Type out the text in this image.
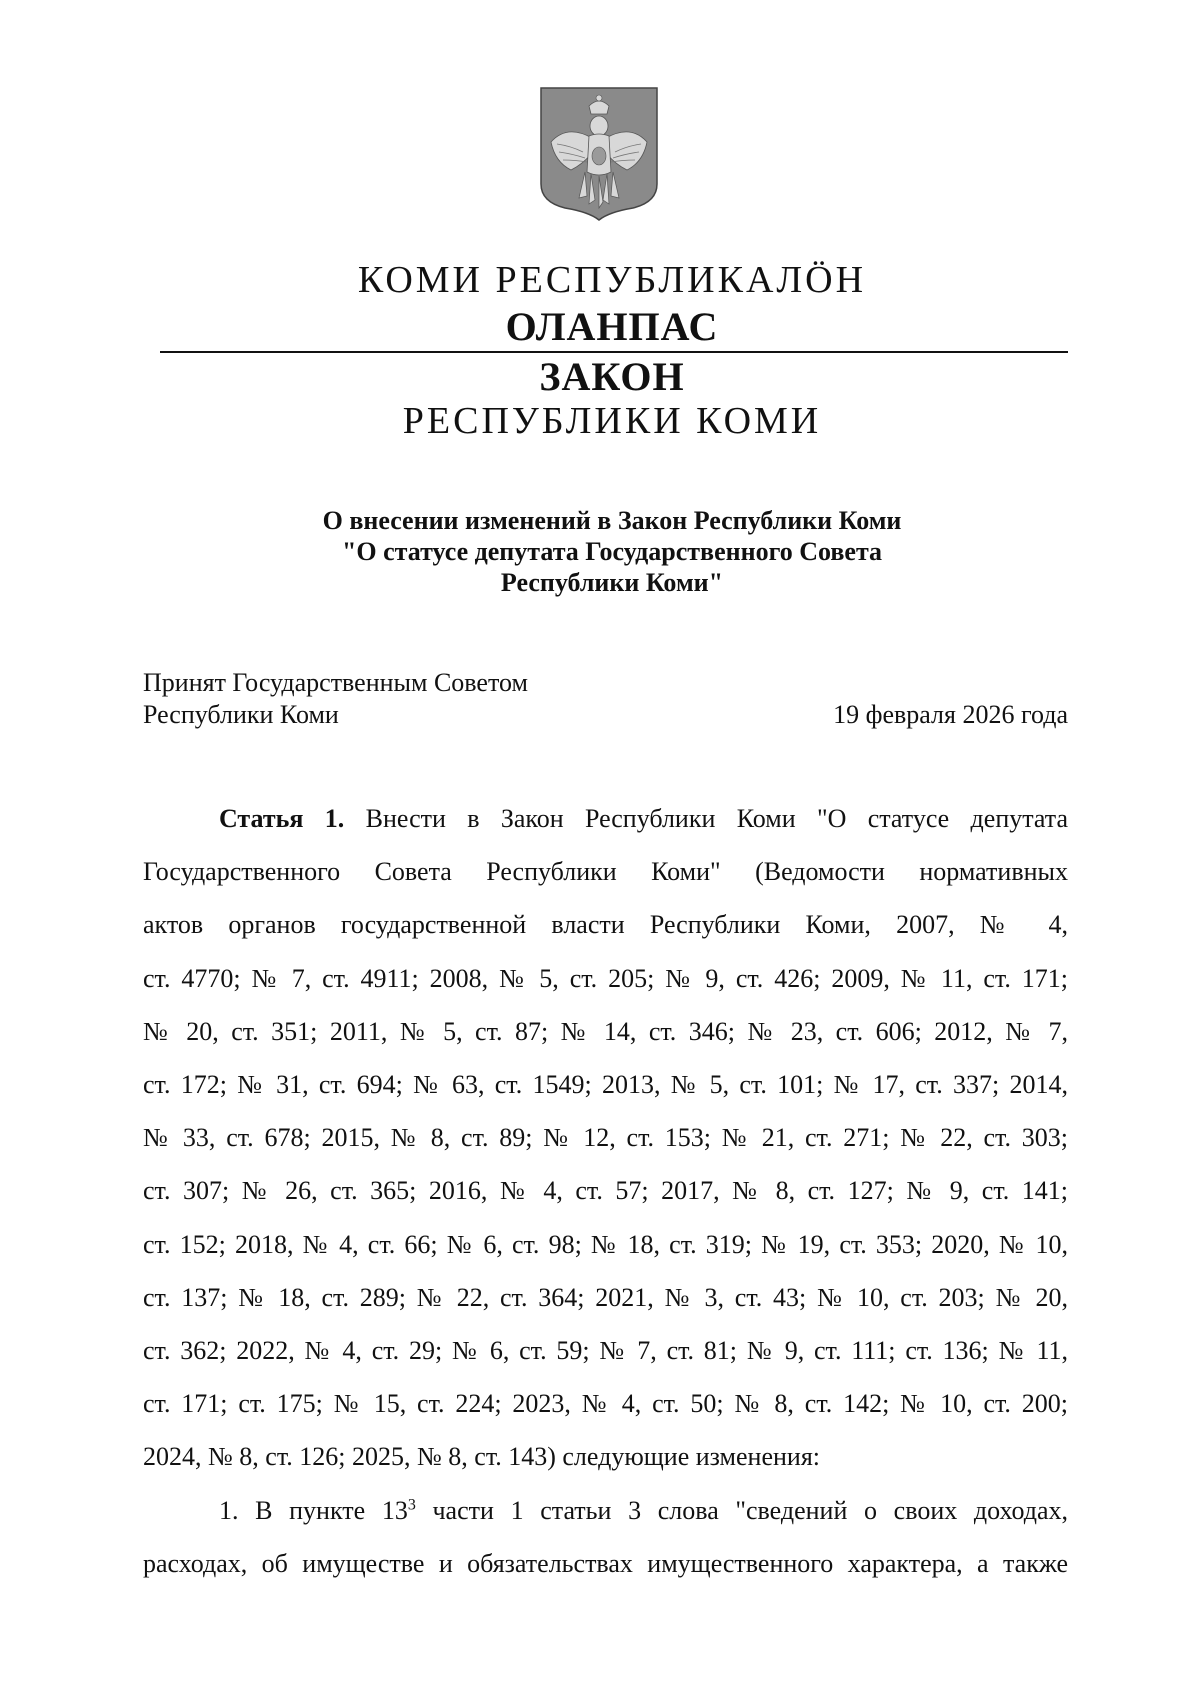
КОМИ РЕСПУБЛИКАЛÖН
ОЛАНПАС
ЗАКОН
РЕСПУБЛИКИ КОМИ
О внесении изменений в Закон Республики Коми
"О статусе депутата Государственного Совета
Республики Коми"
Принят Государственным Советом
Республики Коми	19 февраля 2026 года
Статья 1. Внести в Закон Республики Коми "О статусе депутата
Государственного Совета Республики Коми" (Ведомости нормативных
актов органов государственной власти Республики Коми, 2007, № 4,
ст. 4770; № 7, ст. 4911; 2008, № 5, ст. 205; № 9, ст. 426; 2009, № 11, ст. 171;
№ 20, ст. 351; 2011, № 5, ст. 87; № 14, ст. 346; № 23, ст. 606; 2012, № 7,
ст. 172; № 31, ст. 694; № 63, ст. 1549; 2013, № 5, ст. 101; № 17, ст. 337; 2014,
№ 33, ст. 678; 2015, № 8, ст. 89; № 12, ст. 153; № 21, ст. 271; № 22, ст. 303;
ст. 307; № 26, ст. 365; 2016, № 4, ст. 57; 2017, № 8, ст. 127; № 9, ст. 141;
ст. 152; 2018, № 4, ст. 66; № 6, ст. 98; № 18, ст. 319; № 19, ст. 353; 2020, № 10,
ст. 137; № 18, ст. 289; № 22, ст. 364; 2021, № 3, ст. 43; № 10, ст. 203; № 20,
ст. 362; 2022, № 4, ст. 29; № 6, ст. 59; № 7, ст. 81; № 9, ст. 111; ст. 136; № 11,
ст. 171; ст. 175; № 15, ст. 224; 2023, № 4, ст. 50; № 8, ст. 142; № 10, ст. 200;
2024, № 8, ст. 126; 2025, № 8, ст. 143) следующие изменения:
1. В пункте $13^3$ части 1 статьи 3 слова "сведений о своих доходах,
расходах, об имуществе и обязательствах имущественного характера, а также
